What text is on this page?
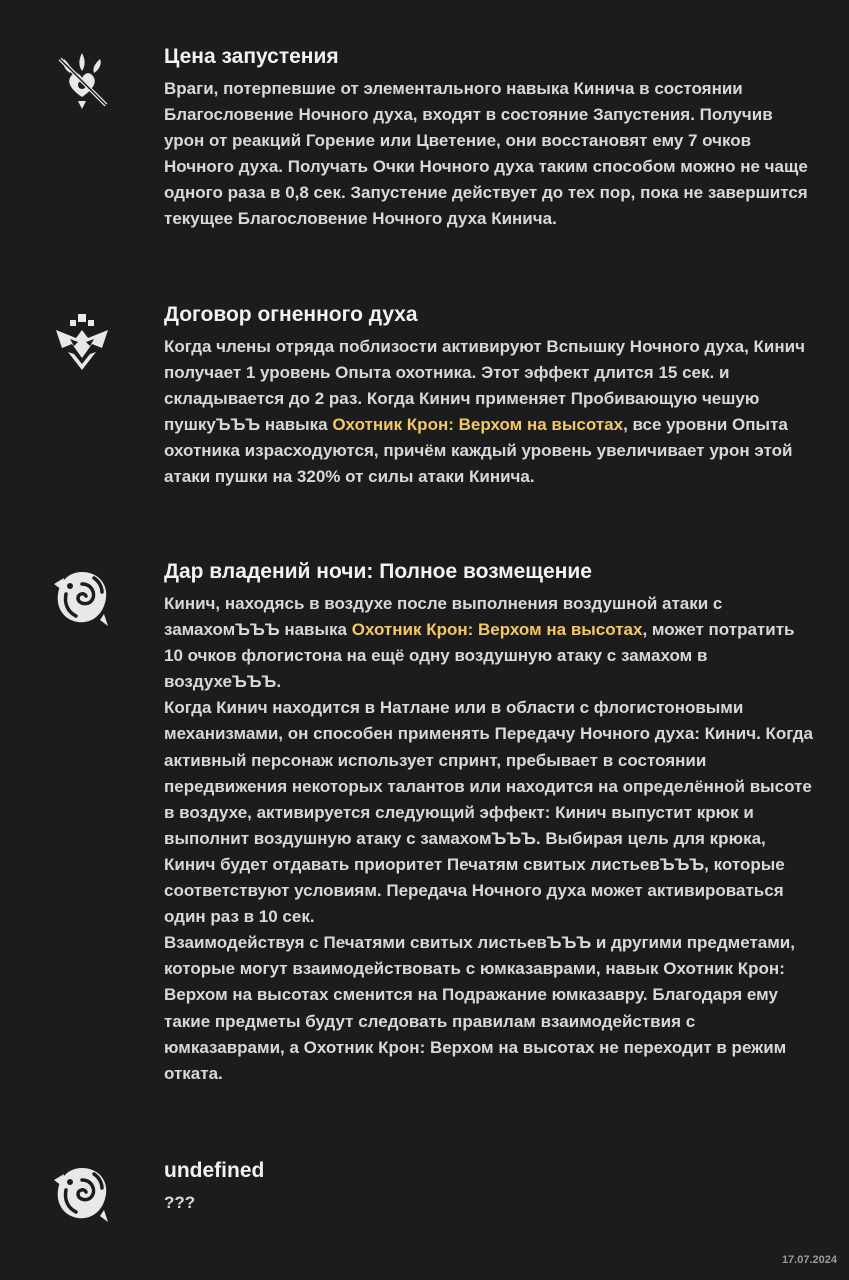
Цена запустения

Враги, потерпевшие от элементального навыка Кинича в состоянии Благословение Ночного духа, входят в состояние Запустения. Получив урон от реакций Горение или Цветение, они восстановят ему 7 очков Ночного духа. Получать Очки Ночного духа таким способом можно не чаще одного раза в 0,8 сек. Запустение действует до тех пор, пока не завершится текущее Благословение Ночного духа Кинича.

Договор огненного духа

Когда члены отряда поблизости активируют Вспышку Ночного духа, Кинич получает 1 уровень Опыта охотника. Этот эффект длится 15 сек. и складывается до 2 раз. Когда Кинич применяет Пробивающую чешую пушкуЪЪЪ навыка Охотник Крон: Верхом на высотах, все уровни Опыта охотника израсходуются, причём каждый уровень увеличивает урон этой атаки пушки на 320% от силы атаки Кинича.

Дар владений ночи: Полное возмещение

Кинич, находясь в воздухе после выполнения воздушной атаки с замахомЪЪЪ навыка Охотник Крон: Верхом на высотах, может потратить 10 очков флогистона на ещё одну воздушную атаку с замахом в воздухеЪЪЪ.

Когда Кинич находится в Натлане или в области с флогистоновыми механизмами, он способен применять Передачу Ночного духа: Кинич. Когда активный персонаж использует спринт, пребывает в состоянии передвижения некоторых талантов или находится на определённой высоте в воздухе, активируется следующий эффект: Кинич выпустит крюк и выполнит воздушную атаку с замахомЪЪЪ. Выбирая цель для крюка, Кинич будет отдавать приоритет Печатям свитых листьевЪЪЪ, которые соответствуют условиям. Передача Ночного духа может активироваться один раз в 10 сек.

Взаимодействуя с Печатями свитых листьевЪЪЪ и другими предметами, которые могут взаимодействовать с юмказаврами, навык Охотник Крон: Верхом на высотах сменится на Подражание юмказавру. Благодаря ему такие предметы будут следовать правилам взаимодействия с юмказаврами, а Охотник Крон: Верхом на высотах не переходит в режим отката.

undefined

???

17.07.2024
